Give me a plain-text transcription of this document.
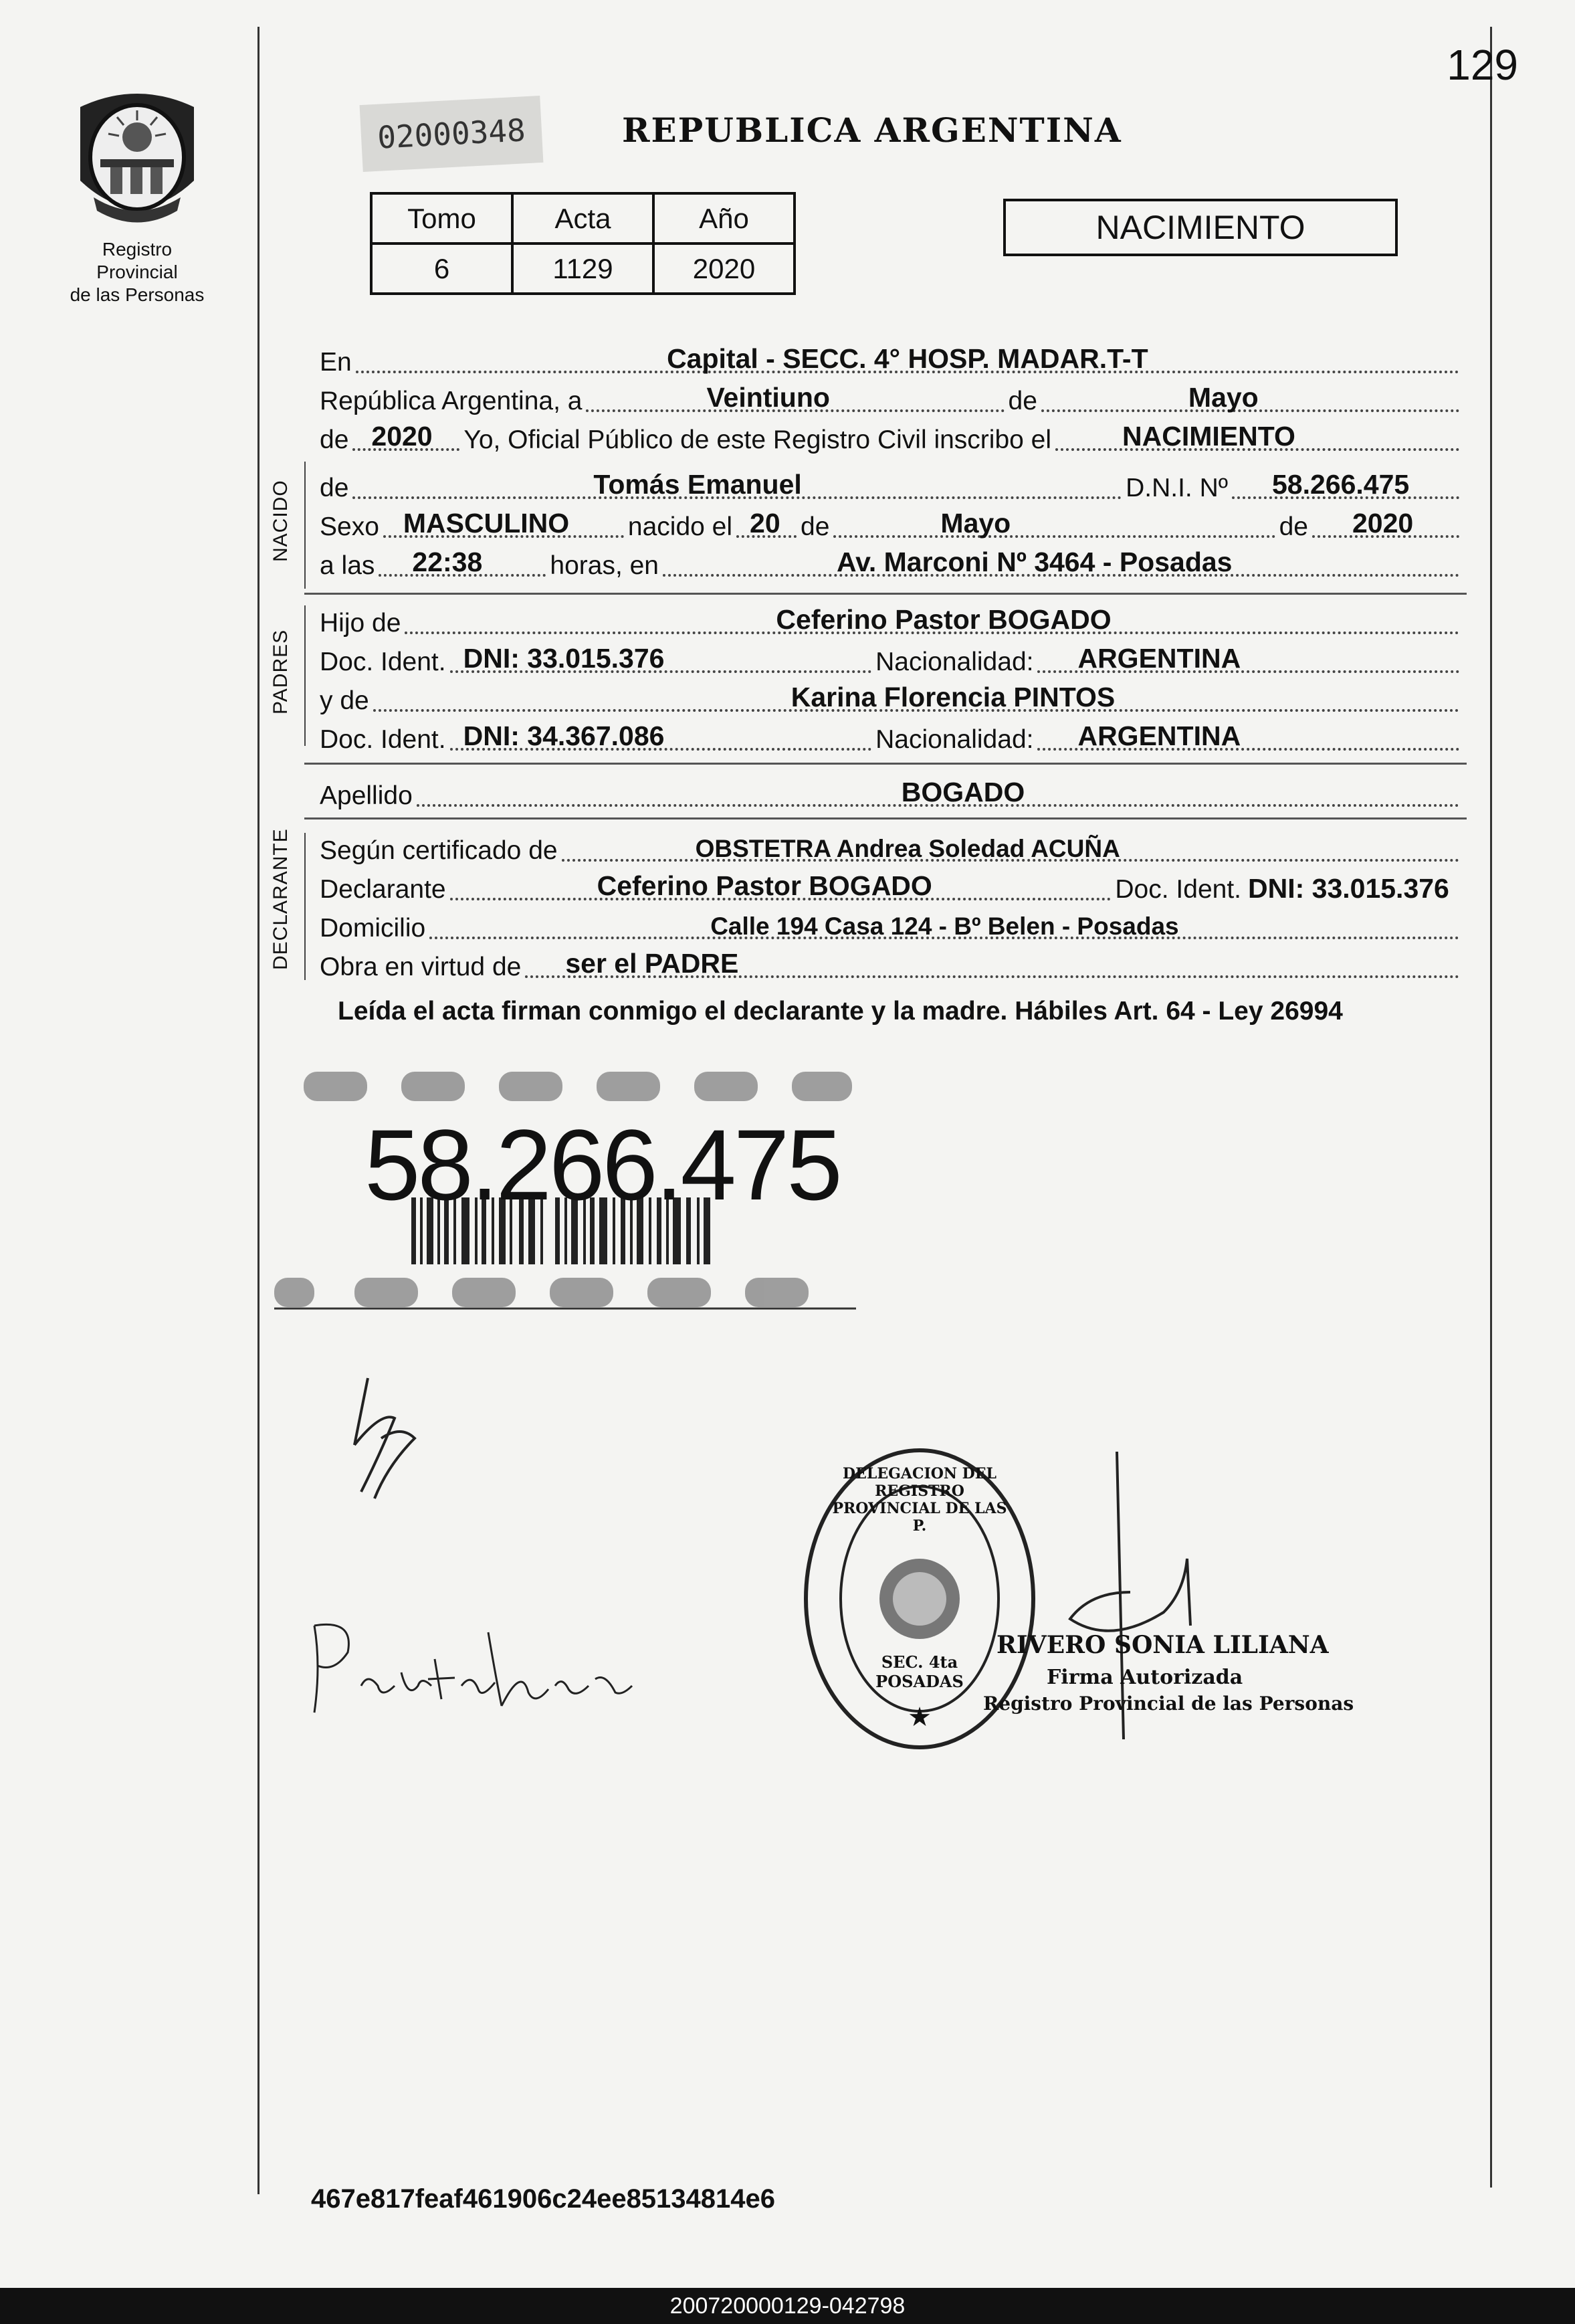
Registro Provincial
de las Personas
129
02000348	REPUBLICA ARGENTINA
Tomo	Acta	Año
6	1129	2020
NACIMIENTO
En	Capital - SECC. 4° HOSP. MADAR.T-T
República Argentina, a	Veintiuno	de	Mayo
de 2020 Yo, Oficial Público de este Registro Civil inscribo el	NACIMIENTO
NACIDO de	Tomás Emanuel	D.N.I. Nº 58.266.475
Sexo MASCULINO nacido el 20 de	Mayo	de 2020
a las 22:38	horas, en	Av. Marconi Nº 3464 - Posadas
PADRES
Hijo de	Ceferino Pastor BOGADO
Doc. Ident. DNI: 33.015.376	Nacionalidad: ARGENTINA
y de	Karina Florencia PINTOS
Doc. Ident. DNI: 34.367.086	Nacionalidad: ARGENTINA
Apellido	BOGADO
DECLARANTE Según certificado de	OBSTETRA Andrea Soledad ACUÑA
Declarante	Ceferino Pastor BOGADO	Doc. Ident. DNI: 33.015.376
Domicilio	Calle 194 Casa 124 - Bº Belen - Posadas
Obra en virtud de ser el PADRE
Leída el acta firman conmigo el declarante y la madre. Hábiles Art. 64 - Ley 26994
58.266.475
★
DELEGACION DEL REGISTRO PROVINCIAL DE LAS P.
SEC. 4ta POSADAS
RIVERO SONIA LILIANA
Firma Autorizada
Registro Provincial de las Personas
467e817feaf461906c24ee85134814e6
200720000129-042798
